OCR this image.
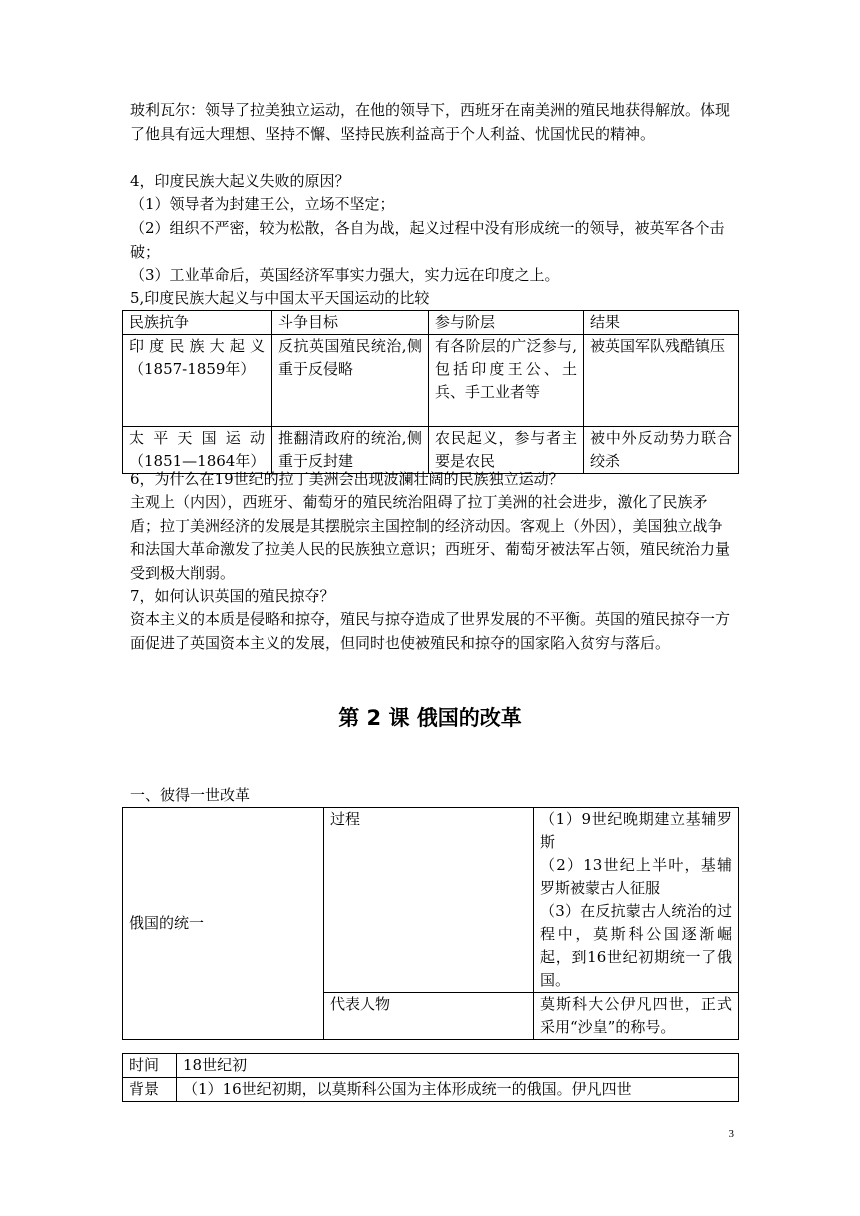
玻利瓦尔：领导了拉美独立运动，在他的领导下，西班牙在南美洲的殖民地获得解放。体现了他具有远大理想、坚持不懈、坚持民族利益高于个人利益、忧国忧民的精神。

4，印度民族大起义失败的原因？

（1）领导者为封建王公，立场不坚定；

（2）组织不严密，较为松散，各自为战，起义过程中没有形成统一的领导，被英军各个击破；

（3）工业革命后，英国经济军事实力强大，实力远在印度之上。

5,印度民族大起义与中国太平天国运动的比较

民族抗争	斗争目标	参与阶层	结果
印度民族大起义（1857-1859年）	反抗英国殖民统治,侧重于反侵略	有各阶层的广泛参与,包括印度王公、土兵、手工业者等	被英国军队残酷镇压
太平天国运动（1851—1864年）	推翻清政府的统治,侧重于反封建	农民起义，参与者主要是农民	被中外反动势力联合绞杀

6，为什么在19世纪的拉丁美洲会出现波澜壮阔的民族独立运动？

主观上（内因），西班牙、葡萄牙的殖民统治阻碍了拉丁美洲的社会进步，激化了民族矛盾；拉丁美洲经济的发展是其摆脱宗主国控制的经济动因。客观上（外因），美国独立战争和法国大革命激发了拉美人民的民族独立意识；西班牙、葡萄牙被法军占领，殖民统治力量受到极大削弱。

7，如何认识英国的殖民掠夺？

资本主义的本质是侵略和掠夺，殖民与掠夺造成了世界发展的不平衡。英国的殖民掠夺一方面促进了英国资本主义的发展，但同时也使被殖民和掠夺的国家陷入贫穷与落后。

第 2 课 俄国的改革

一、彼得一世改革

俄国的统一	过程	（1）9世纪晚期建立基辅罗斯
（2）13世纪上半叶，基辅罗斯被蒙古人征服
（3）在反抗蒙古人统治的过程中，莫斯科公国逐渐崛起，到16世纪初期统一了俄国。
	代表人物	莫斯科大公伊凡四世，正式采用“沙皇”的称号。
时间	18世纪初
背景	（1）16世纪初期，以莫斯科公国为主体形成统一的俄国。伊凡四世
3
